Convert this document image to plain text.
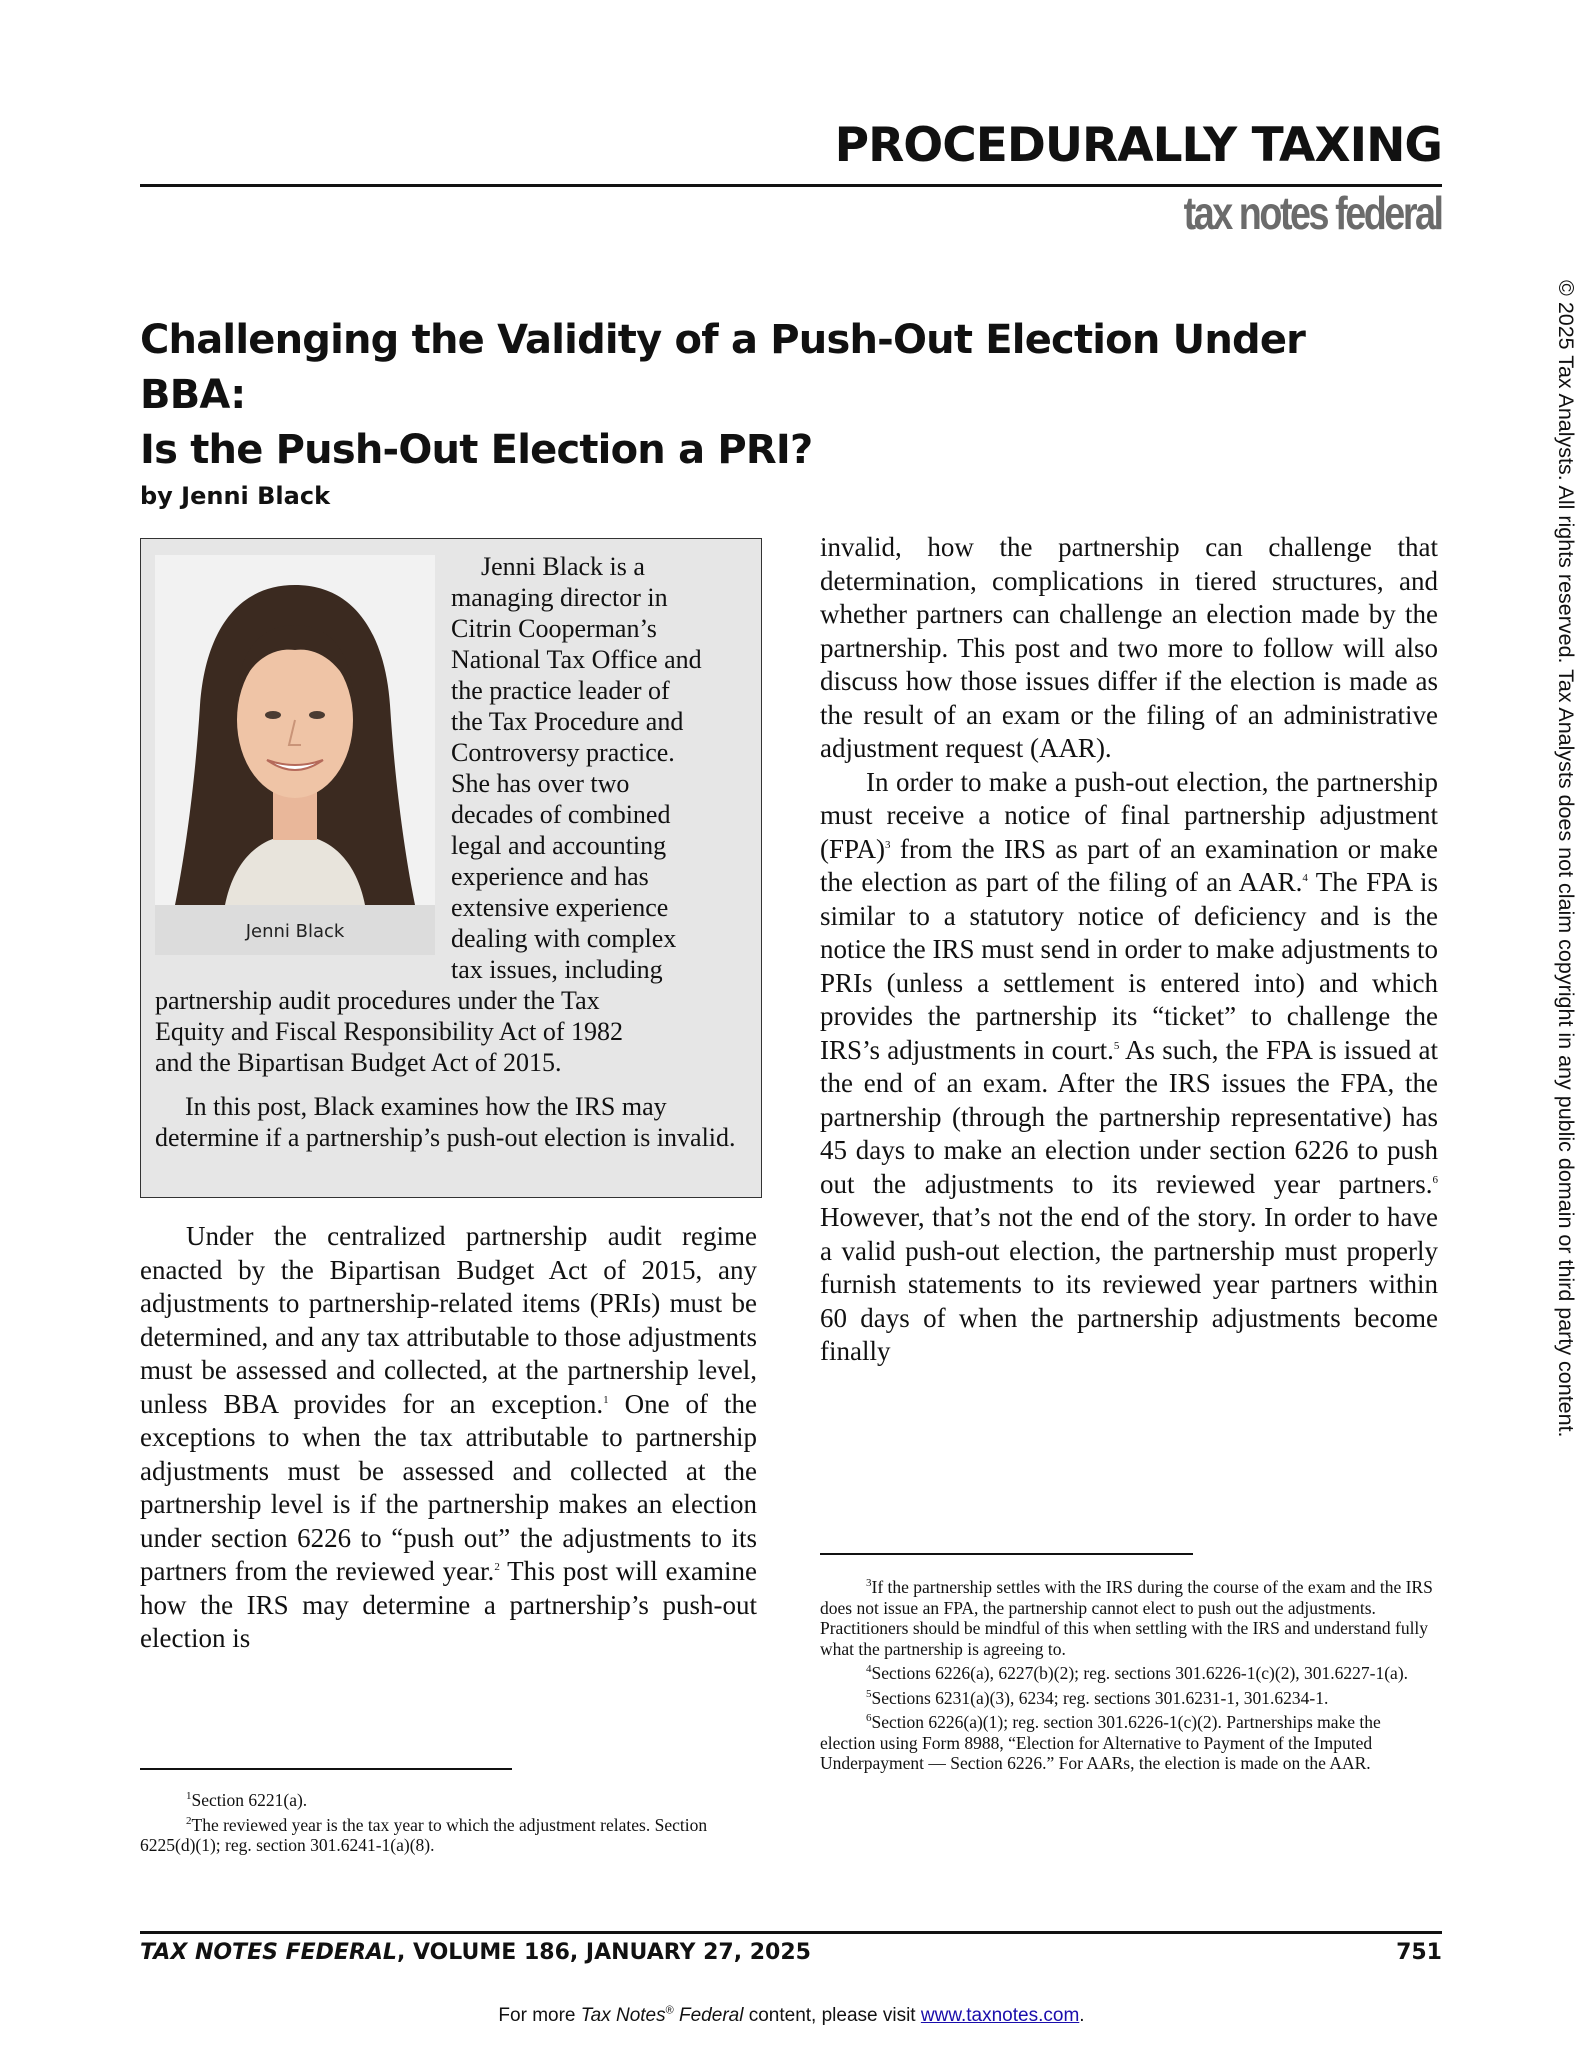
PROCEDURALLY TAXING
tax notes federal
Challenging the Validity of a Push-Out Election Under BBA:
Is the Push-Out Election a PRI?
by Jenni Black
Jenni Black
Jenni Black is a
managing director in
Citrin Cooperman’s
National Tax Office and
the practice leader of
the Tax Procedure and
Controversy practice.
She has over two
decades of combined
legal and accounting
experience and has
extensive experience
dealing with complex
tax issues, including
partnership audit procedures under the Tax
Equity and Fiscal Responsibility Act of 1982
and the Bipartisan Budget Act of 2015.
In this post, Black examines how the IRS may determine if a partnership’s push-out election is invalid.

Under the centralized partnership audit regime enacted by the Bipartisan Budget Act of 2015, any adjustments to partnership-related items (PRIs) must be determined, and any tax attributable to those adjustments must be assessed and collected, at the partnership level, unless BBA provides for an exception.$^1$ One of the exceptions to when the tax attributable to partnership adjustments must be assessed and collected at the partnership level is if the partnership makes an election under section 6226 to “push out” the adjustments to its partners from the reviewed year.$^2$ This post will examine how the IRS may determine a partnership’s push-out election is

invalid, how the partnership can challenge that determination, complications in tiered structures, and whether partners can challenge an election made by the partnership. This post and two more to follow will also discuss how those issues differ if the election is made as the result of an exam or the filing of an administrative adjustment request (AAR).

In order to make a push-out election, the partnership must receive a notice of final partnership adjustment (FPA)$^3$ from the IRS as part of an examination or make the election as part of the filing of an AAR.$^4$ The FPA is similar to a statutory notice of deficiency and is the notice the IRS must send in order to make adjustments to PRIs (unless a settlement is entered into) and which provides the partnership its “ticket” to challenge the IRS’s adjustments in court.$^5$ As such, the FPA is issued at the end of an exam. After the IRS issues the FPA, the partnership (through the partnership representative) has 45 days to make an election under section 6226 to push out the adjustments to its reviewed year partners.$^6$ However, that’s not the end of the story. In order to have a valid push-out election, the partnership must properly furnish statements to its reviewed year partners within 60 days of when the partnership adjustments become finally

$^1$Section 6221(a).

$^2$The reviewed year is the tax year to which the adjustment relates. Section 6225(d)(1); reg. section 301.6241-1(a)(8).

$^3$If the partnership settles with the IRS during the course of the exam and the IRS does not issue an FPA, the partnership cannot elect to push out the adjustments. Practitioners should be mindful of this when settling with the IRS and understand fully what the partnership is agreeing to.

$^4$Sections 6226(a), 6227(b)(2); reg. sections 301.6226-1(c)(2), 301.6227-1(a).

$^5$Sections 6231(a)(3), 6234; reg. sections 301.6231-1, 301.6234-1.

$^6$Section 6226(a)(1); reg. section 301.6226-1(c)(2). Partnerships make the election using Form 8988, “Election for Alternative to Payment of the Imputed Underpayment — Section 6226.” For AARs, the election is made on the AAR.

TAX NOTES FEDERAL, VOLUME 186, JANUARY 27, 2025	751
For more Tax Notes® Federal content, please visit www.taxnotes.com.
© 2025 Tax Analysts. All rights reserved. Tax Analysts does not claim copyright in any public domain or third party content.
